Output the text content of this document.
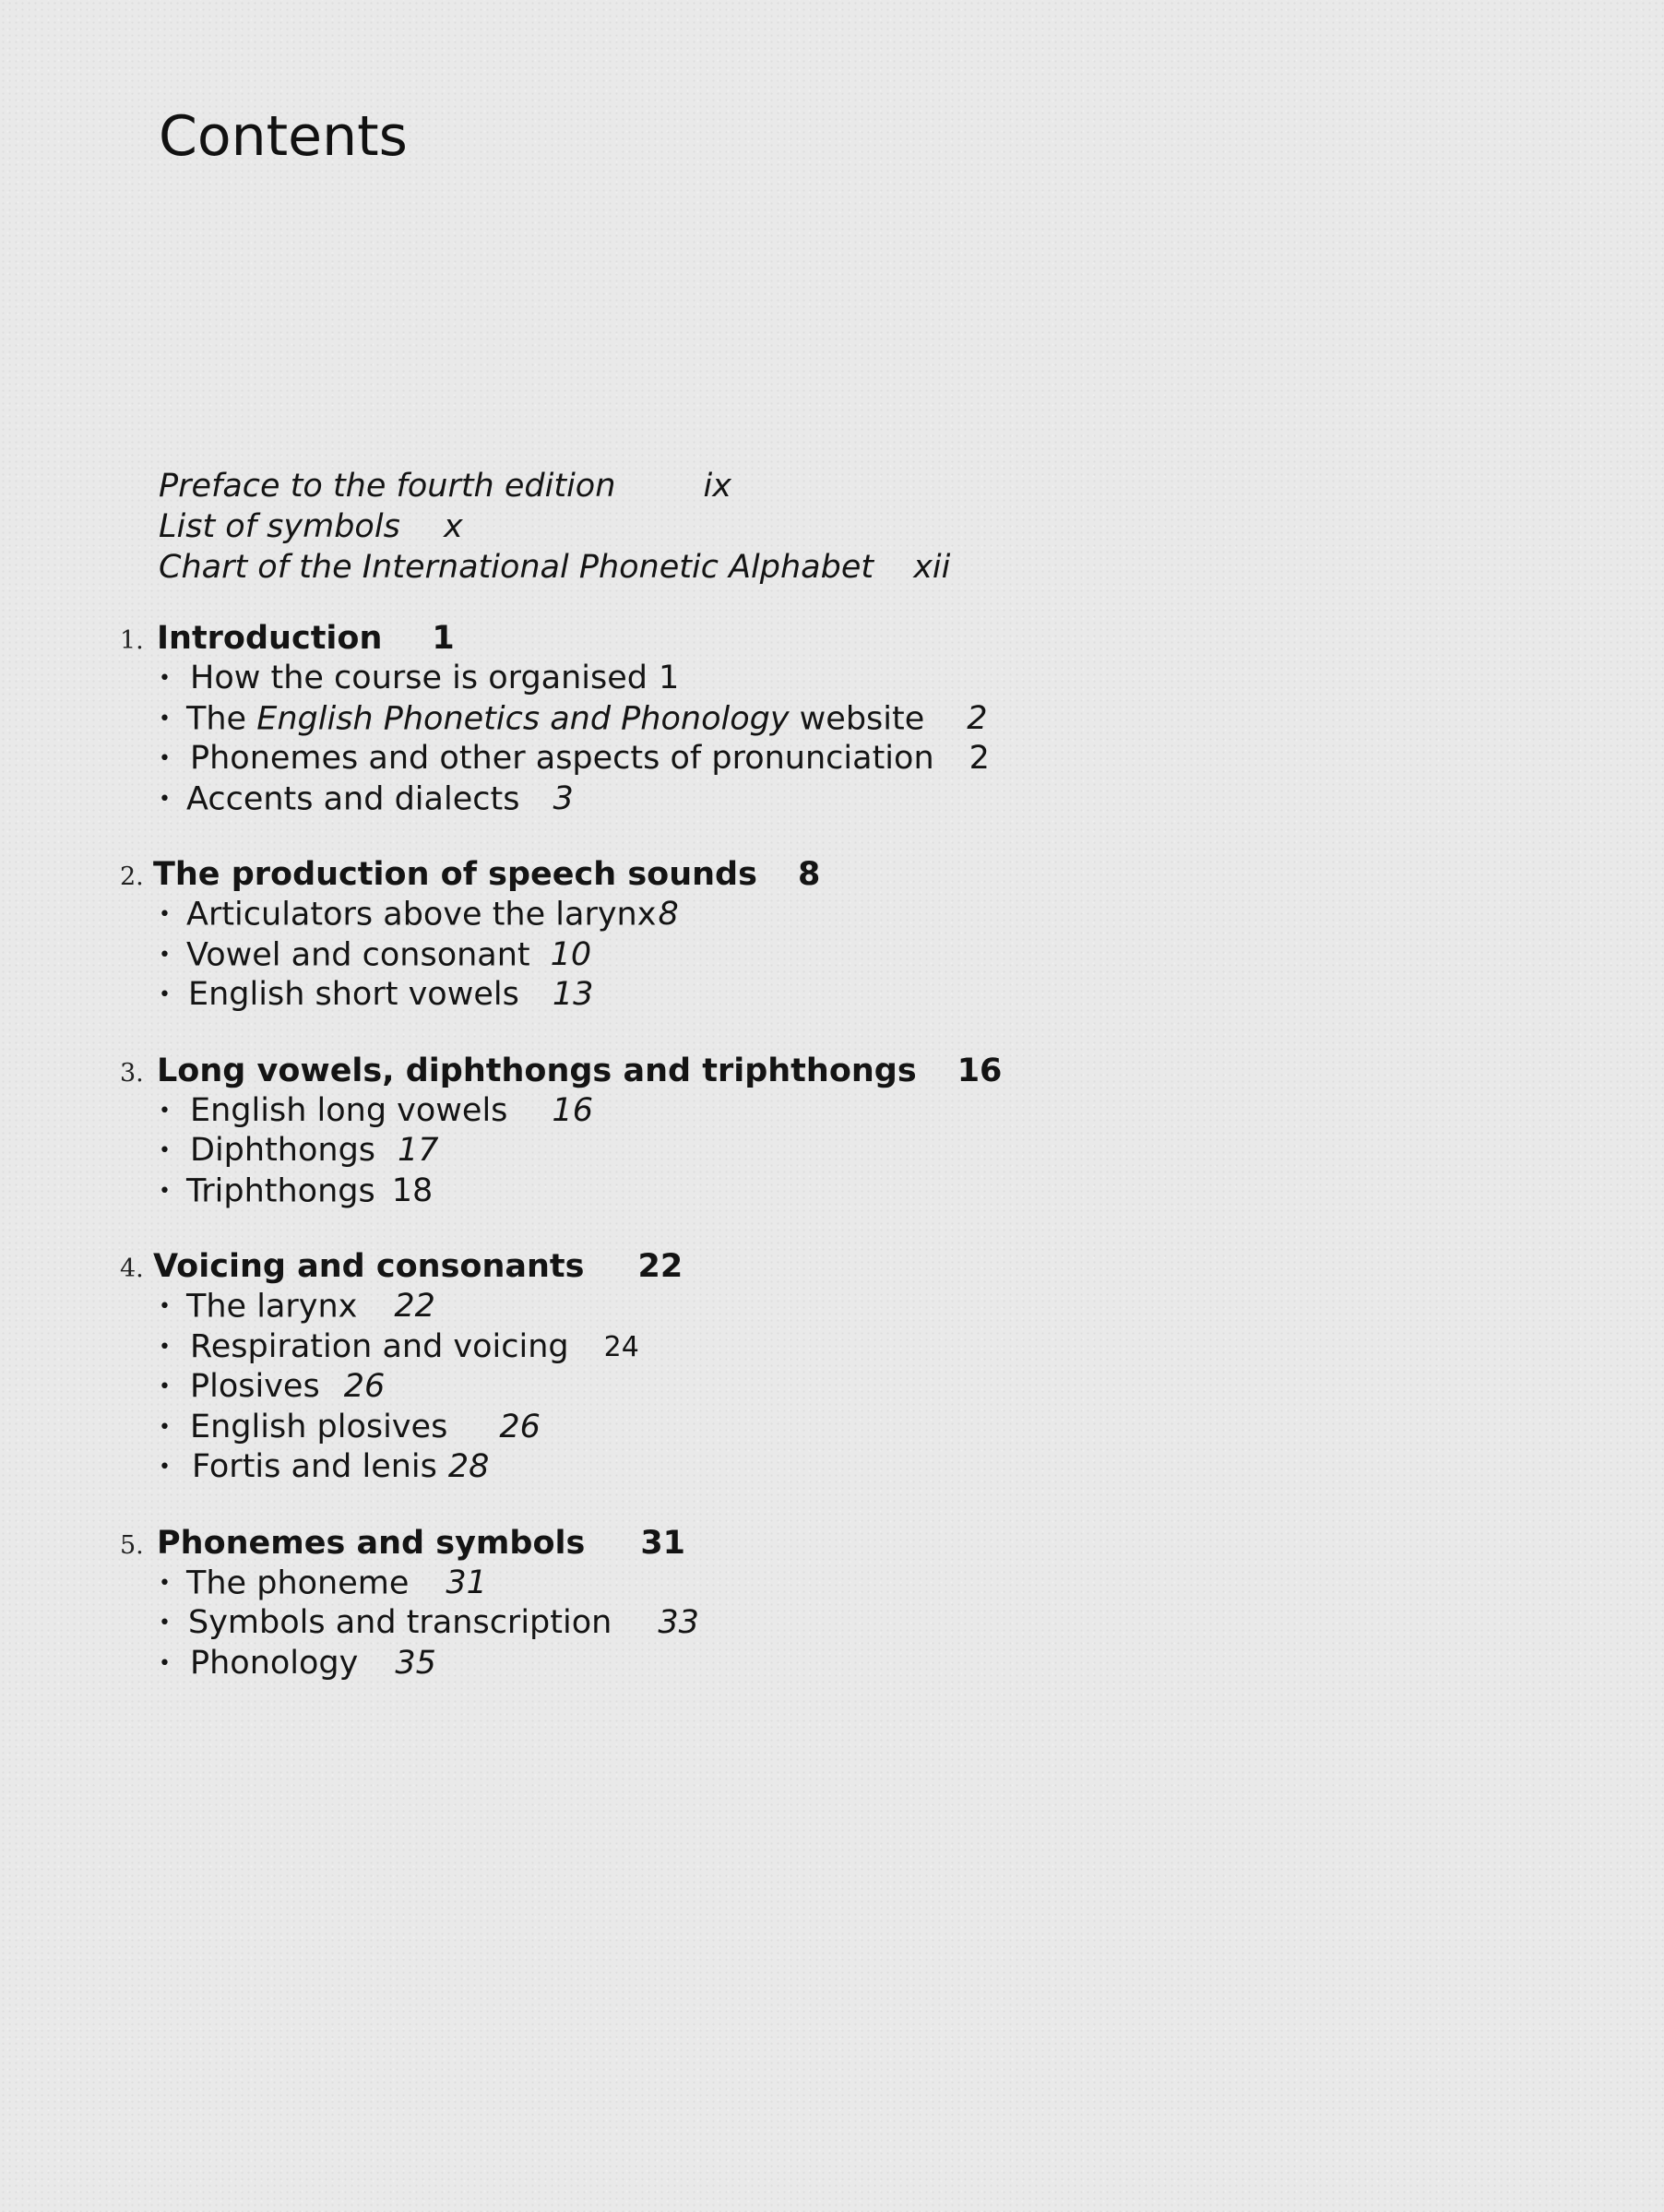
Contents
Preface to the fourth edition	ix
List of symbols x
Chart of the International Phonetic Alphabet xii
1. Introduction 1
• How the course is organised 1
• The English Phonetics and Phonology website 2
• Phonemes and other aspects of pronunciation 2
• Accents and dialects 3
2. The production of speech sounds 8
• Articulators above the larynx8
• Vowel and consonant 10
• English short vowels 13
3. Long vowels, diphthongs and triphthongs 16
• English long vowels 16
• Diphthongs 17
• Triphthongs 18
4. Voicing and consonants 22
• The larynx 22
• Respiration and voicing 24
• Plosives 26
• English plosives 26
• Fortis and lenis 28
5. Phonemes and symbols 31
• The phoneme 31
• Symbols and transcription 33
• Phonology 35
